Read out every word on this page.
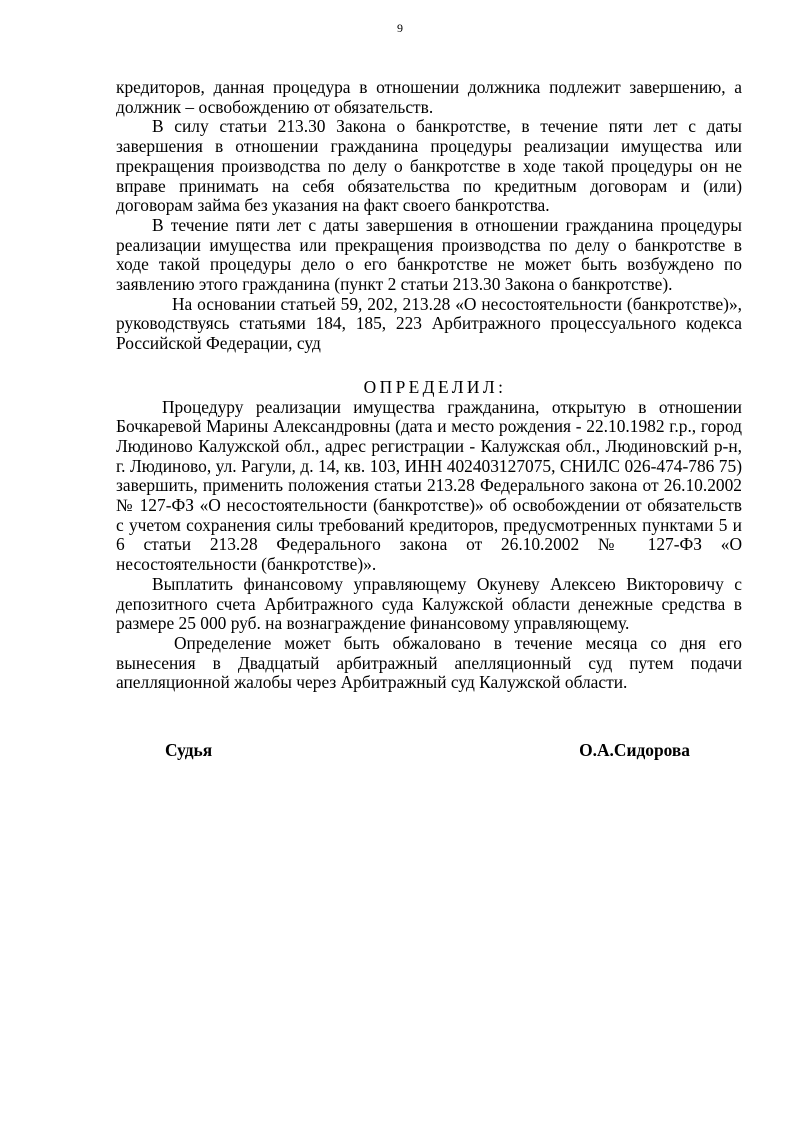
9

кредиторов, данная процедура в отношении должника подлежит завершению, а должник – освобождению от обязательств.

В силу статьи 213.30 Закона о банкротстве, в течение пяти лет с даты завершения в отношении гражданина процедуры реализации имущества или прекращения производства по делу о банкротстве в ходе такой процедуры он не вправе принимать на себя обязательства по кредитным договорам и (или) договорам займа без указания на факт своего банкротства.

В течение пяти лет с даты завершения в отношении гражданина процедуры реализации имущества или прекращения производства по делу о банкротстве в ходе такой процедуры дело о его банкротстве не может быть возбуждено по заявлению этого гражданина (пункт 2 статьи 213.30 Закона о банкротстве).

На основании статьей 59, 202, 213.28 «О несостоятельности (банкротстве)», руководствуясь статьями 184, 185, 223 Арбитражного процессуального кодекса Российской Федерации, суд

ОПРЕДЕЛИЛ:

Процедуру реализации имущества гражданина, открытую в отношении Бочкаревой Марины Александровны (дата и место рождения - 22.10.1982 г.р., город Людиново Калужской обл., адрес регистрации - Калужская обл., Людиновский р-н, г. Людиново, ул. Рагули, д. 14, кв. 103, ИНН 402403127075, СНИЛС 026-474-786 75) завершить, применить положения статьи 213.28 Федерального закона от 26.10.2002 № 127-ФЗ «О несостоятельности (банкротстве)» об освобождении от обязательств с учетом сохранения силы требований кредиторов, предусмотренных пунктами 5 и 6 статьи 213.28 Федерального закона от 26.10.2002 № 127-ФЗ «О несостоятельности (банкротстве)».

Выплатить финансовому управляющему Окуневу Алексею Викторовичу с депозитного счета Арбитражного суда Калужской области денежные средства в размере 25 000 руб. на вознаграждение финансовому управляющему.

Определение может быть обжаловано в течение месяца со дня его вынесения в Двадцатый арбитражный апелляционный суд путем подачи апелляционной жалобы через Арбитражный суд Калужской области.

Судья	О.А.Сидорова
